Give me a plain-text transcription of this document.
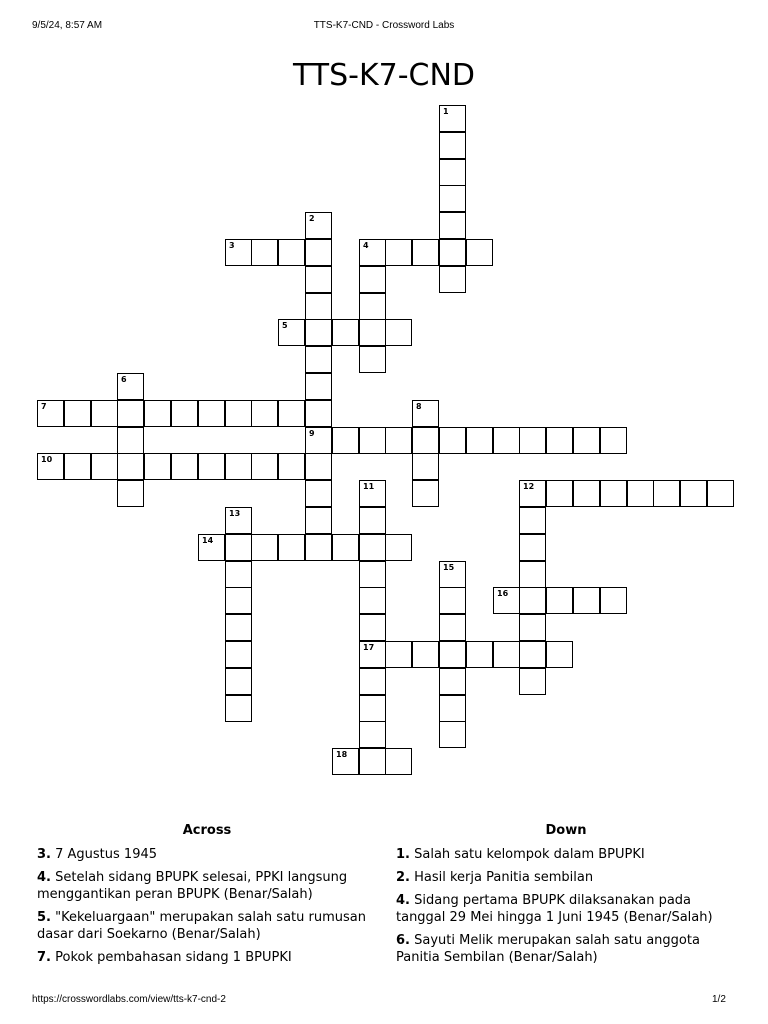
9/5/24, 8:57 AM	TTS-K7-CND - Crossword Labs
TTS-K7-CND
1
2
9
3	4
5
6
7	8
10
11
17
12
13
14
15
16
18
Across
3. 7 Agustus 1945
4. Setelah sidang BPUPK selesai, PPKI langsung menggantikan peran BPUPK (Benar/Salah)
5. "Kekeluargaan" merupakan salah satu rumusan dasar dari Soekarno (Benar/Salah)
7. Pokok pembahasan sidang 1 BPUPKI
Down
1. Salah satu kelompok dalam BPUPKI
2. Hasil kerja Panitia sembilan
4. Sidang pertama BPUPK dilaksanakan pada tanggal 29 Mei hingga 1 Juni 1945 (Benar/Salah)
6. Sayuti Melik merupakan salah satu anggota Panitia Sembilan (Benar/Salah)
https://crosswordlabs.com/view/tts-k7-cnd-2	1/2
